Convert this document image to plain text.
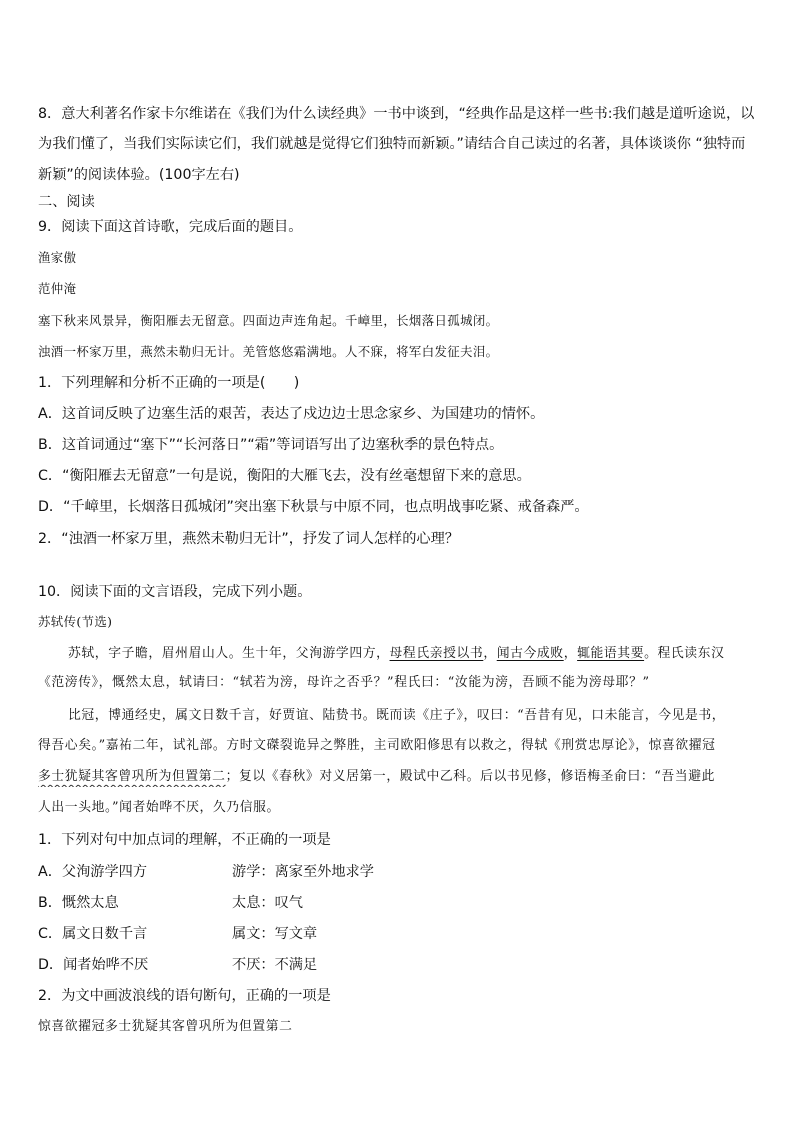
8．意大利著名作家卡尔维诺在《我们为什么读经典》一书中谈到，“经典作品是这样一些书:我们越是道听途说，以
为我们懂了，当我们实际读它们，我们就越是觉得它们独特而新颖。”请结合自己读过的名著，具体谈谈你 “独特而
新颖”的阅读体验。(100字左右)
二、阅读
9．阅读下面这首诗歌，完成后面的题目。
渔家傲
范仲淹
塞下秋来风景异，衡阳雁去无留意。四面边声连角起。千嶂里，长烟落日孤城闭。
浊酒一杯家万里，燕然未勒归无计。羌管悠悠霜满地。人不寐，将军白发征夫泪。
1．下列理解和分析不正确的一项是(　　)
A．这首词反映了边塞生活的艰苦，表达了戍边边士思念家乡、为国建功的情怀。
B．这首词通过“塞下”“长河落日”“霜”等词语写出了边塞秋季的景色特点。
C．“衡阳雁去无留意”一句是说，衡阳的大雁飞去，没有丝毫想留下来的意思。
D．“千嶂里，长烟落日孤城闭”突出塞下秋景与中原不同，也点明战事吃紧、戒备森严。
2．“浊酒一杯家万里，燕然未勒归无计”，抒发了词人怎样的心理？
10．阅读下面的文言语段，完成下列小题。
苏轼传(节选)
苏轼，字子瞻，眉州眉山人。生十年，父洵游学四方，母程氏亲授以书，闻古今成败，辄能语其要。程氏读东汉
《范滂传》，慨然太息，轼请曰：“轼若为滂，母许之否乎？”程氏曰：“汝能为滂，吾顾不能为滂母耶？”
比冠，博通经史，属文日数千言，好贾谊、陆贽书。既而读《庄子》，叹曰：“吾昔有见，口未能言，今见是书，
得吾心矣。”嘉祐二年，试礼部。方时文磔裂诡异之弊胜，主司欧阳修思有以救之，得轼《刑赏忠厚论》，惊喜欲擢冠
多士犹疑其客曾巩所为但置第二；复以《春秋》对义居第一，殿试中乙科。后以书见修，修语梅圣俞曰：“吾当避此
人出一头地。”闻者始哗不厌，久乃信服。
1．下列对句中加点词的理解，不正确的一项是
A．父洵游学四方	游学：离家至外地求学
B．慨然太息	太息：叹气
C．属文日数千言	属文：写文章
D．闻者始哗不厌	不厌：不满足
2．为文中画波浪线的语句断句，正确的一项是
惊喜欲擢冠多士犹疑其客曾巩所为但置第二
